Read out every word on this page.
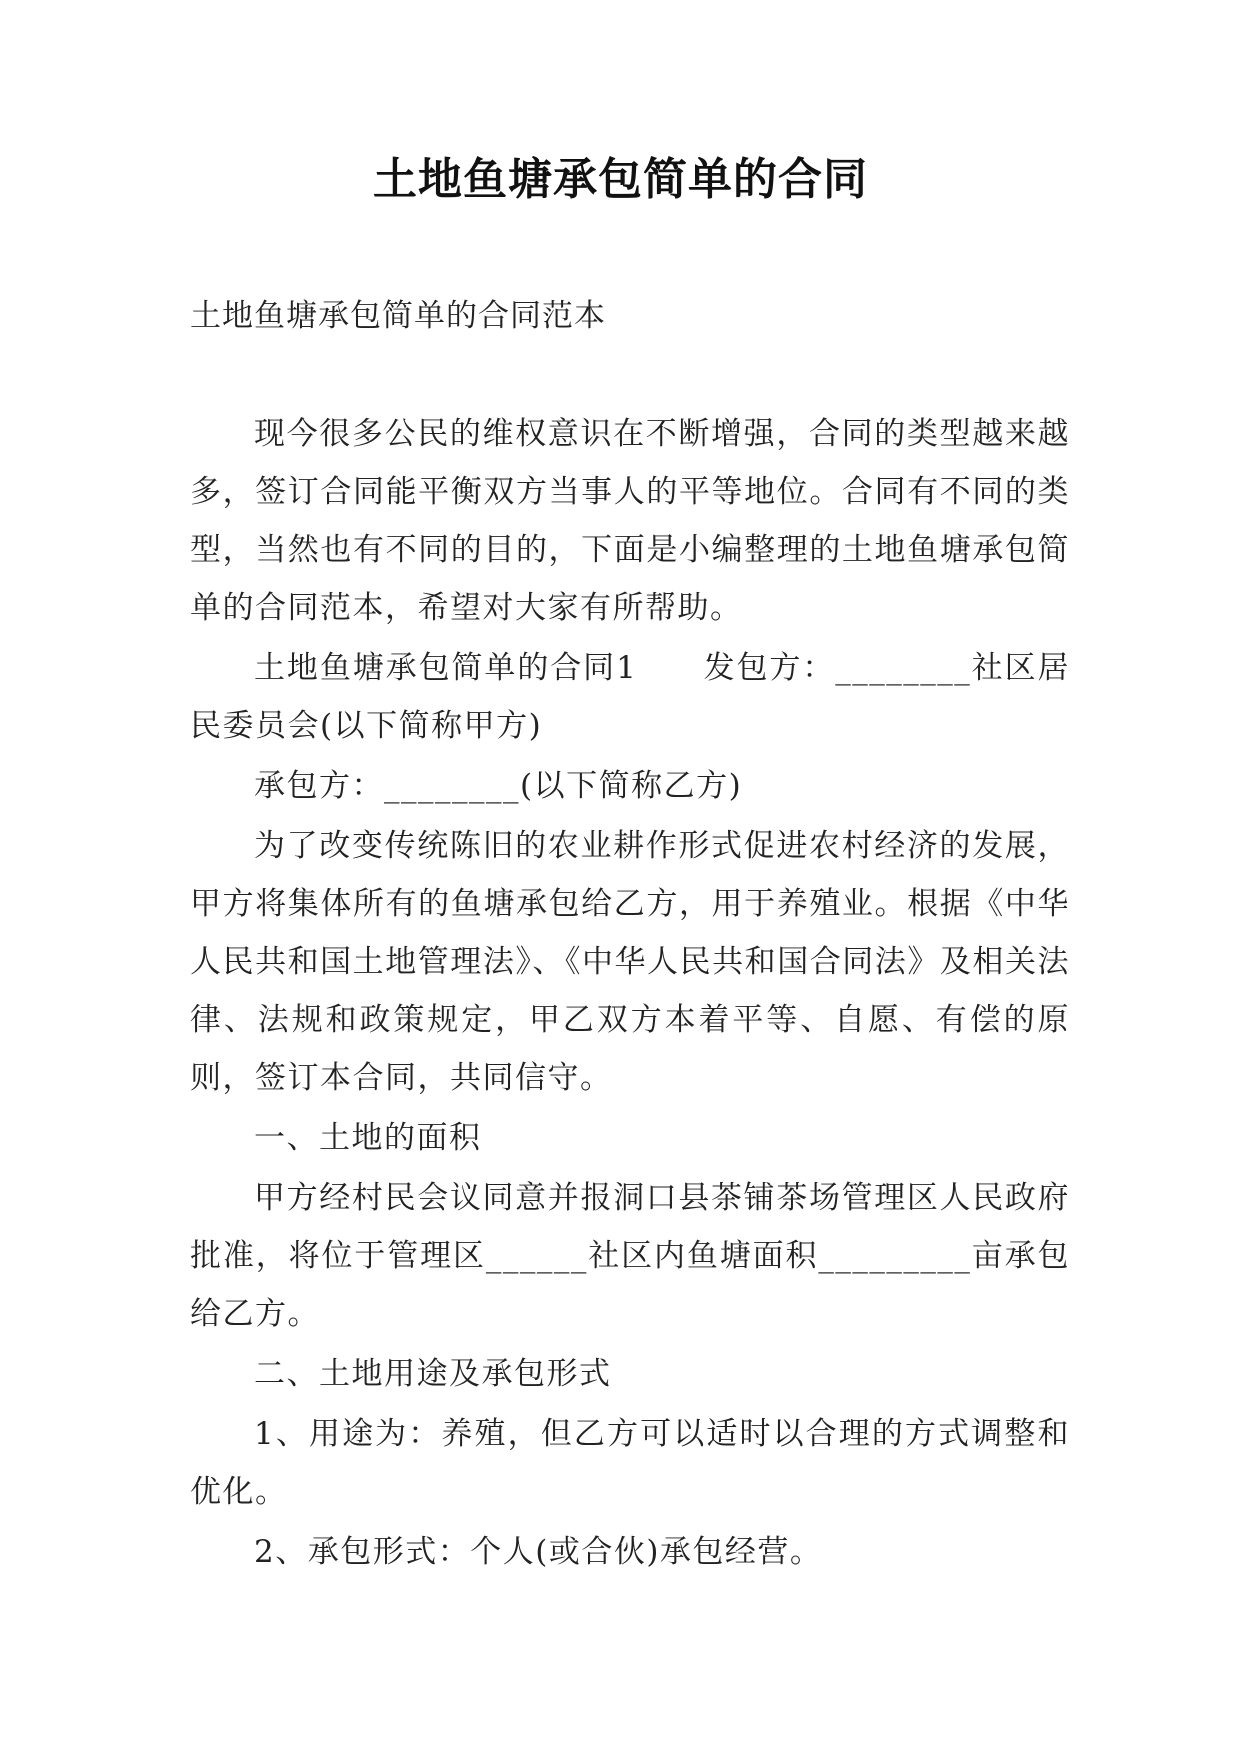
土地鱼塘承包简单的合同
土地鱼塘承包简单的合同范本

现今很多公民的维权意识在不断增强，合同的类型越来越多，签订合同能平衡双方当事人的平等地位。合同有不同的类型，当然也有不同的目的，下面是小编整理的土地鱼塘承包简单的合同范本，希望对大家有所帮助。

土地鱼塘承包简单的合同1　　发包方：________社区居民委员会(以下简称甲方)

承包方：________(以下简称乙方)

为了改变传统陈旧的农业耕作形式促进农村经济的发展，甲方将集体所有的鱼塘承包给乙方，用于养殖业。根据《中华人民共和国土地管理法》、《中华人民共和国合同法》及相关法律、法规和政策规定，甲乙双方本着平等、自愿、有偿的原则，签订本合同，共同信守。

一、土地的面积

甲方经村民会议同意并报洞口县茶铺茶场管理区人民政府批准，将位于管理区______社区内鱼塘面积_________亩承包给乙方。

二、土地用途及承包形式

1、用途为：养殖，但乙方可以适时以合理的方式调整和优化。

2、承包形式：个人(或合伙)承包经营。
